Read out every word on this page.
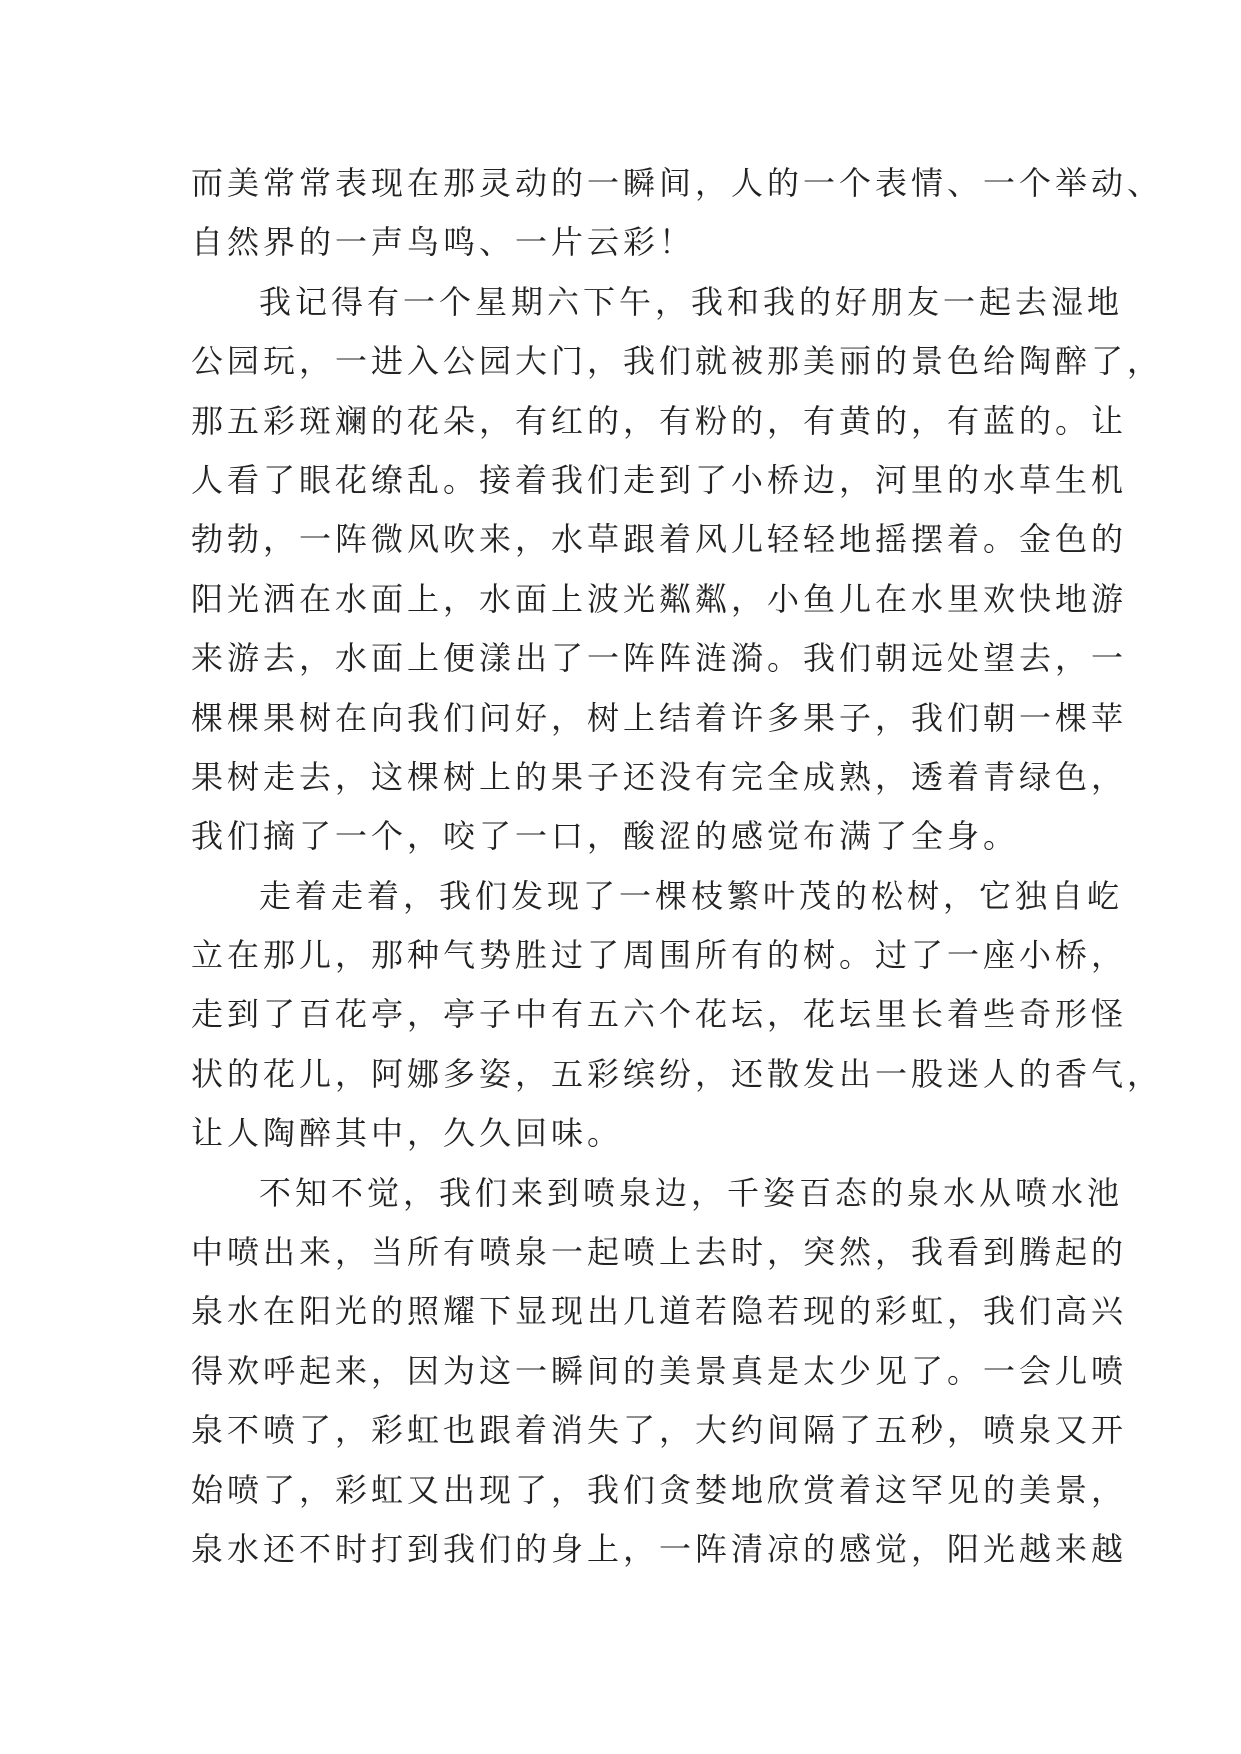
而美常常表现在那灵动的一瞬间，人的一个表情、一个举动、
自然界的一声鸟鸣、一片云彩！
我记得有一个星期六下午，我和我的好朋友一起去湿地
公园玩，一进入公园大门，我们就被那美丽的景色给陶醉了，
那五彩斑斓的花朵，有红的，有粉的，有黄的，有蓝的。让
人看了眼花缭乱。接着我们走到了小桥边，河里的水草生机
勃勃，一阵微风吹来，水草跟着风儿轻轻地摇摆着。金色的
阳光洒在水面上，水面上波光粼粼，小鱼儿在水里欢快地游
来游去，水面上便漾出了一阵阵涟漪。我们朝远处望去，一
棵棵果树在向我们问好，树上结着许多果子，我们朝一棵苹
果树走去，这棵树上的果子还没有完全成熟，透着青绿色，
我们摘了一个，咬了一口，酸涩的感觉布满了全身。
走着走着，我们发现了一棵枝繁叶茂的松树，它独自屹
立在那儿，那种气势胜过了周围所有的树。过了一座小桥，
走到了百花亭，亭子中有五六个花坛，花坛里长着些奇形怪
状的花儿，阿娜多姿，五彩缤纷，还散发出一股迷人的香气，
让人陶醉其中，久久回味。
不知不觉，我们来到喷泉边，千姿百态的泉水从喷水池
中喷出来，当所有喷泉一起喷上去时，突然，我看到腾起的
泉水在阳光的照耀下显现出几道若隐若现的彩虹，我们高兴
得欢呼起来，因为这一瞬间的美景真是太少见了。一会儿喷
泉不喷了，彩虹也跟着消失了，大约间隔了五秒，喷泉又开
始喷了，彩虹又出现了，我们贪婪地欣赏着这罕见的美景，
泉水还不时打到我们的身上，一阵清凉的感觉，阳光越来越
